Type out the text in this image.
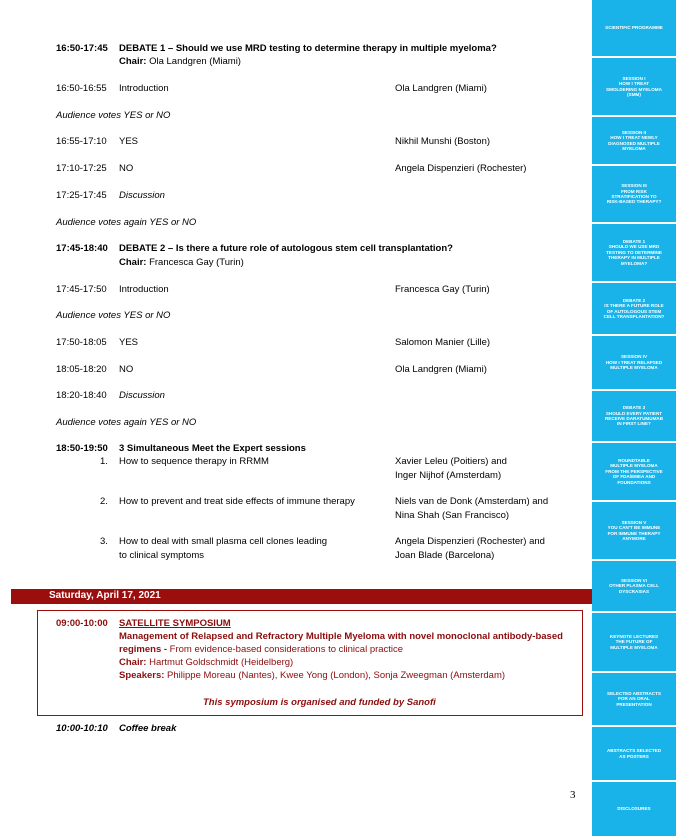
16:50-17:45 DEBATE 1 – Should we use MRD testing to determine therapy in multiple myeloma?
Chair: Ola Landgren (Miami)
16:50-16:55 Introduction	Ola Landgren (Miami)
Audience votes YES or NO
16:55-17:10 YES	Nikhil Munshi (Boston)
17:10-17:25 NO	Angela Dispenzieri (Rochester)
17:25-17:45 Discussion
Audience votes again YES or NO
17:45-18:40 DEBATE 2 – Is there a future role of autologous stem cell transplantation?
Chair: Francesca Gay (Turin)
17:45-17:50 Introduction	Francesca Gay (Turin)
Audience votes YES or NO
17:50-18:05 YES	Salomon Manier (Lille)
18:05-18:20 NO	Ola Landgren (Miami)
18:20-18:40 Discussion
Audience votes again YES or NO
18:50-19:50 3 Simultaneous Meet the Expert sessions
1. How to sequence therapy in RRMM	Xavier Leleu (Poitiers) and
Inger Nijhof (Amsterdam)
2. How to prevent and treat side effects of immune therapy	Niels van de Donk (Amsterdam) and
Nina Shah (San Francisco)
3. How to deal with small plasma cell clones leading	Angela Dispenzieri (Rochester) and
to clinical symptoms	Joan Blade (Barcelona)
Saturday, April 17, 2021
09:00-10:00 SATELLITE SYMPOSIUM
Management of Relapsed and Refractory Multiple Myeloma with novel monoclonal antibody-based
regimens - From evidence-based considerations to clinical practice
Chair: Hartmut Goldschmidt (Heidelberg)
Speakers: Philippe Moreau (Nantes), Kwee Yong (London), Sonja Zweegman (Amsterdam)
This symposium is organised and funded by Sanofi
10:00-10:10 Coffee break
3
SCIENTIFIC PROGRAMME
SESSION I
HOW I TREAT
SMOLDERING MYELOMA
(SMM)
SESSION II
HOW I TREAT NEWLY
DIAGNOSED MULTIPLE
MYELOMA
SESSION III
FROM RISK
STRATIFICATION TO
RISK-BASED THERAPY?
DEBATE 1
SHOULD WE USE MRD
TESTING TO DETERMINE
THERAPY IN MULTIPLE
MYELOMA?
DEBATE 2
IS THERE A FUTURE ROLE
OF AUTOLOGOUS STEM
CELL TRANSPLANTATION?
SESSION IV
HOW I TREAT RELAPSED
MULTIPLE MYELOMA
DEBATE 3
SHOULD EVERY PATIENT
RECEIVE DARATUMUMAB
IN FIRST LINE?
ROUNDTABLE
MULTIPLE MYELOMA
FROM THE PERSPECTIVE
OF FDA/EMEA AND
FOUNDATIONS
SESSION V
YOU CAN'T BE IMMUNE
FOR IMMUNE THERAPY
ANYMORE
SESSION VI
OTHER PLASMA CELL
DYSCRASIAS
KEYNOTE LECTURES
THE FUTURE OF
MULTIPLE MYELOMA
SELECTED ABSTRACTS
FOR AN ORAL
PRESENTATION
ABSTRACTS SELECTED
AS POSTERS
DISCLOSURES
